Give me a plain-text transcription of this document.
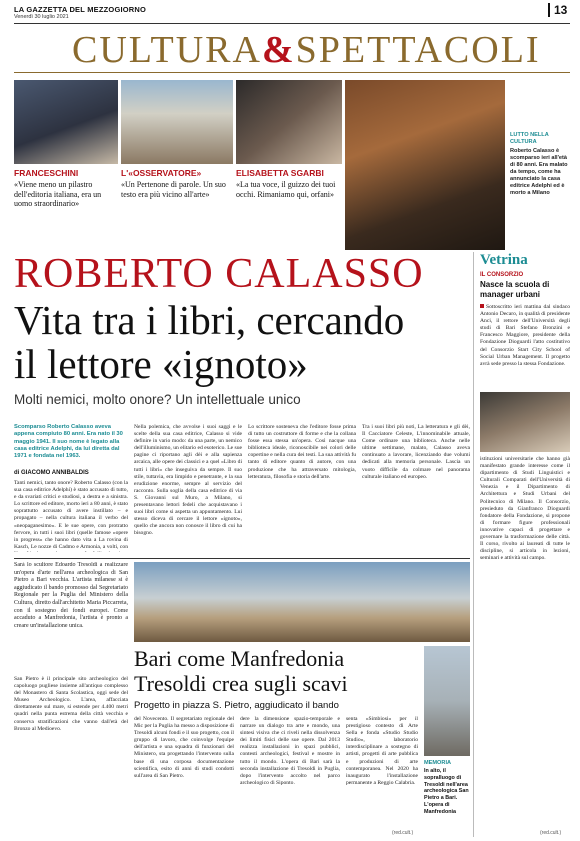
LA GAZZETTA DEL MEZZOGIORNO
Venerdì 30 luglio 2021	13
CULTURA&SPETTACOLI
LUTTO NELLA CULTURA
Roberto Calasso è scomparso ieri all'età di 80 anni. Era malato da tempo, come ha annunciato la casa editrice Adelphi ed è morto a Milano
FRANCESCHINI
«Viene meno un pilastro dell'editoria italiana, era un uomo straordinario»
L'«OSSERVATORE»
«Un Pertenone di parole. Un suo testo era più vicino all'arte»
ELISABETTA SGARBI
«La tua voce, il guizzo dei tuoi occhi. Rimaniamo qui, orfani»
ROBERTO CALASSO
Vita tra i libri, cercando
il lettore «ignoto»
Molti nemici, molto onore? Un intellettuale unico
Scomparso Roberto Calasso aveva appena compiuto 80 anni. Era nato il 30 maggio 1941. Il suo nome è legato alla casa editrice Adelphi, da lui diretta dal 1971 e fondata nel 1963.
di GIACOMO ANNIBALDIS
Tanti nemici, tanto onore? Roberto Calasso (con la sua casa editrice Adelphi) è stato accusato di tutto, e da svariati critici e studiosi, a destra e a sinistra. Lo scrittore ed editore, morto ieri a 80 anni, è stato soprattutto accusato di avere instillato – e propagato – nella cultura italiana il verbo del «neopaganesimo». E le sue opere, con protratto fervore, in tutti i suoi libri (quelle famose «opere in progress» che hanno dato vita a La rovina di Kasch, Le nozze di Cadmo e Armonia, a volti, con
Nella polemica, che avvolse i suoi saggi e le scelte della sua casa editrice, Calasso si vide definire in vario modo: da una parte, un nemico dell'illuminismo, un elitario ed esoterico. Le sue pagine ci riportano agli dèi e alla sapienza arcaica, alle opere dei classici e a quel «Libro di tutti i libri» che inseguiva da sempre. Il suo stile, tuttavia, era limpido e penetrante, e la sua erudizione enorme, sempre al servizio del racconto. Sulla soglia della casa editrice di via S. Giovanni sul Muro, a Milano, si presentavano lettori fedeli che acquistavano i suoi libri come si aspetta un appuntamento. Lui stesso diceva di cercare il lettore «ignoto», quello che ancora non conosce il libro di cui ha bisogno.
Lo scrittore sosteneva che l'editore fosse prima di tutto un costruttore di forme e che la collana fosse essa stessa un'opera. Così nacque una biblioteca ideale, riconoscibile nei colori delle copertine e nella cura dei testi. La sua attività fu tanto di editore quanto di autore, con una produzione che ha attraversato mitologia, letteratura, filosofia e storia dell'arte.
Tra i suoi libri più noti, La letteratura e gli dèi, Il Cacciatore Celeste, L'innominabile attuale, Come ordinare una biblioteca. Anche nelle ultime settimane, malato, Calasso aveva continuato a lavorare, licenziando due volumi dedicati alla memoria personale. Lascia un vuoto difficile da colmare nel panorama culturale italiano ed europeo.
Vetrina
IL CONSORZIO
Nasce la scuola di manager urbani
Sottoscritto ieri mattina dal sindaco Antonio Decaro, in qualità di presidente Anci, il rettore dell'Università degli studi di Bari Stefano Bronzini e Francesco Maggiore, presidente della Fondazione Dioguardi l'atto costitutivo del Consorzio Start City School of Social Urban Management. Il progetto avrà sede presso la stessa Fondazione.
istituzioni universitarie che hanno già manifestato grande interesse come il dipartimento di Studi Linguistici e Culturali Comparati dell'Università di Venezia e il Dipartimento di Architettura e Studi Urbani del Politecnico di Milano. Il Consorzio, presieduto da Gianfranco Dioguardi fondatore della Fondazione, si propone di formare figure professionali innovative capaci di progettare e governare la trasformazione delle città. Il corso, rivolto ai laureati di tutte le discipline, si articola in lezioni, seminari e attività sul campo.
(red.cult.)
Sarà lo scultore Edoardo Tresoldi a realizzare un'opera d'arte nell'area archeologica di San Pietro a Bari vecchia. L'artista milanese si è aggiudicato il bando promosso dal Segretariato Regionale per la Puglia del Ministero della Cultura, diretto dall'architetto Maria Piccarreta, con il sostegno dei fondi europei. Come accaduto a Manfredonia, l'artista è pronto a creare un'installazione unica.
San Pietro è il principale sito archeologico del capoluogo pugliese insieme all'antiquo complesso del Monastero di Santa Scolastica, oggi sede del Museo Archeologico. L'area, affacciata direttamente sul mare, si estende per 4.400 metri quadri nella punta estrema della città vecchia e conserva stratificazioni che vanno dall'età del Bronzo al Medioevo.
Bari come Manfredonia
Tresoldi crea sugli scavi
Progetto in piazza S. Pietro, aggiudicato il bando
del Novecento. Il segretariato regionale del Mic per la Puglia ha messo a disposizione di Tresoldi alcuni fondi e il suo progetto, con il gruppo di lavoro, che coinvolge l'equipe dell'artista e una squadra di funzionari del Ministero, sta progettando l'intervento sulla base di una corposa documentazione scientifica, esito di anni di studi condotti sull'area di San Pietro.
dere la dimensione spazio-temporale e narrare un dialogo tra arte e mondo, una sintesi visiva che ci riveli nella dissolvenza dei limiti fisici delle sue opere. Dal 2013 realizza installazioni in spazi pubblici, contesti archeologici, festival e mostre in tutto il mondo. L'opera di Bari sarà la seconda installazione di Tresoldi in Puglia, dopo l'intervento accolto nel parco archeologico di Siponto.
senta «Simbiosi» per il prestigioso contesto di Arte Sella e fonda «Studio Studio Studio», laboratorio interdisciplinare a sostegno di artisti, progetti di arte pubblica e produzioni di arte contemporanea. Nel 2020 ha inaugurato l'installazione permanente a Reggio Calabria.
(red.cult.)
MEMORIA
In alto, il sopralluogo di Tresoldi nell'area archeologica San Pietro a Bari. L'opera di Manfredonia
